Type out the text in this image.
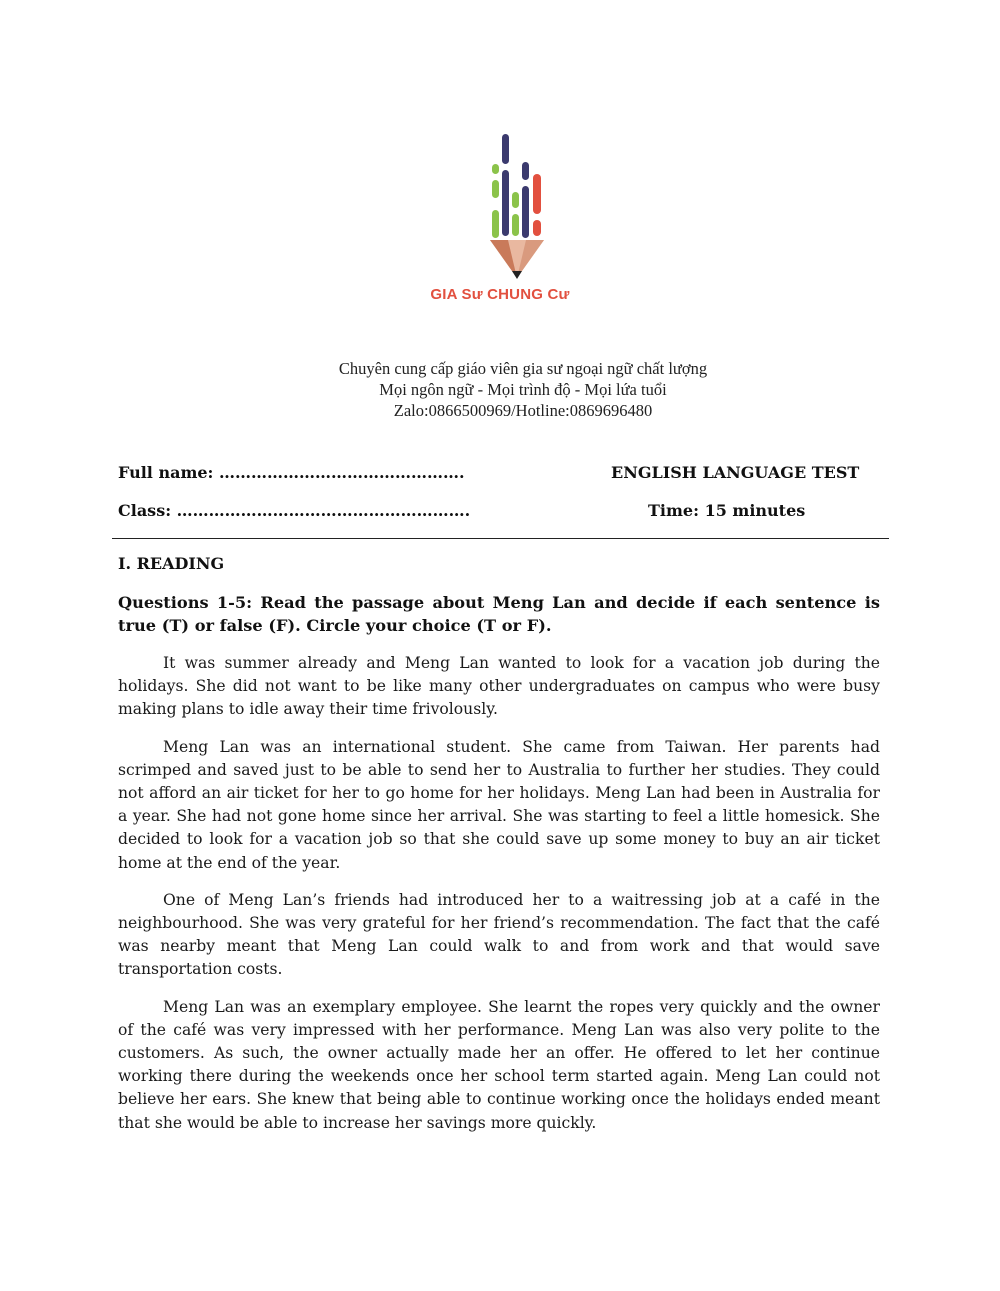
GIA Sư CHUNG Cư
Chuyên cung cấp giáo viên gia sư ngoại ngữ chất lượng
Mọi ngôn ngữ - Mọi trình độ - Mọi lứa tuổi
Zalo:0866500969/Hotline:0869696480
Full name: ……………………………………….
Class: ……………………………………………….
ENGLISH LANGUAGE TEST
Time: 15 minutes
I. READING
Questions 1-5: Read the passage about Meng Lan and decide if each sentence is true (T) or false (F). Circle your choice (T or F).

It was summer already and Meng Lan wanted to look for a vacation job during the holidays. She did not want to be like many other undergraduates on campus who were busy making plans to idle away their time frivolously.

Meng Lan was an international student. She came from Taiwan. Her parents had scrimped and saved just to be able to send her to Australia to further her studies. They could not afford an air ticket for her to go home for her holidays. Meng Lan had been in Australia for a year. She had not gone home since her arrival. She was starting to feel a little homesick. She decided to look for a vacation job so that she could save up some money to buy an air ticket home at the end of the year.

One of Meng Lan’s friends had introduced her to a waitressing job at a café in the neighbourhood. She was very grateful for her friend’s recommendation. The fact that the café was nearby meant that Meng Lan could walk to and from work and that would save transportation costs.

Meng Lan was an exemplary employee. She learnt the ropes very quickly and the owner of the café was very impressed with her performance. Meng Lan was also very polite to the customers. As such, the owner actually made her an offer. He offered to let her continue working there during the weekends once her school term started again. Meng Lan could not believe her ears. She knew that being able to continue working once the holidays ended meant that she would be able to increase her savings more quickly.
